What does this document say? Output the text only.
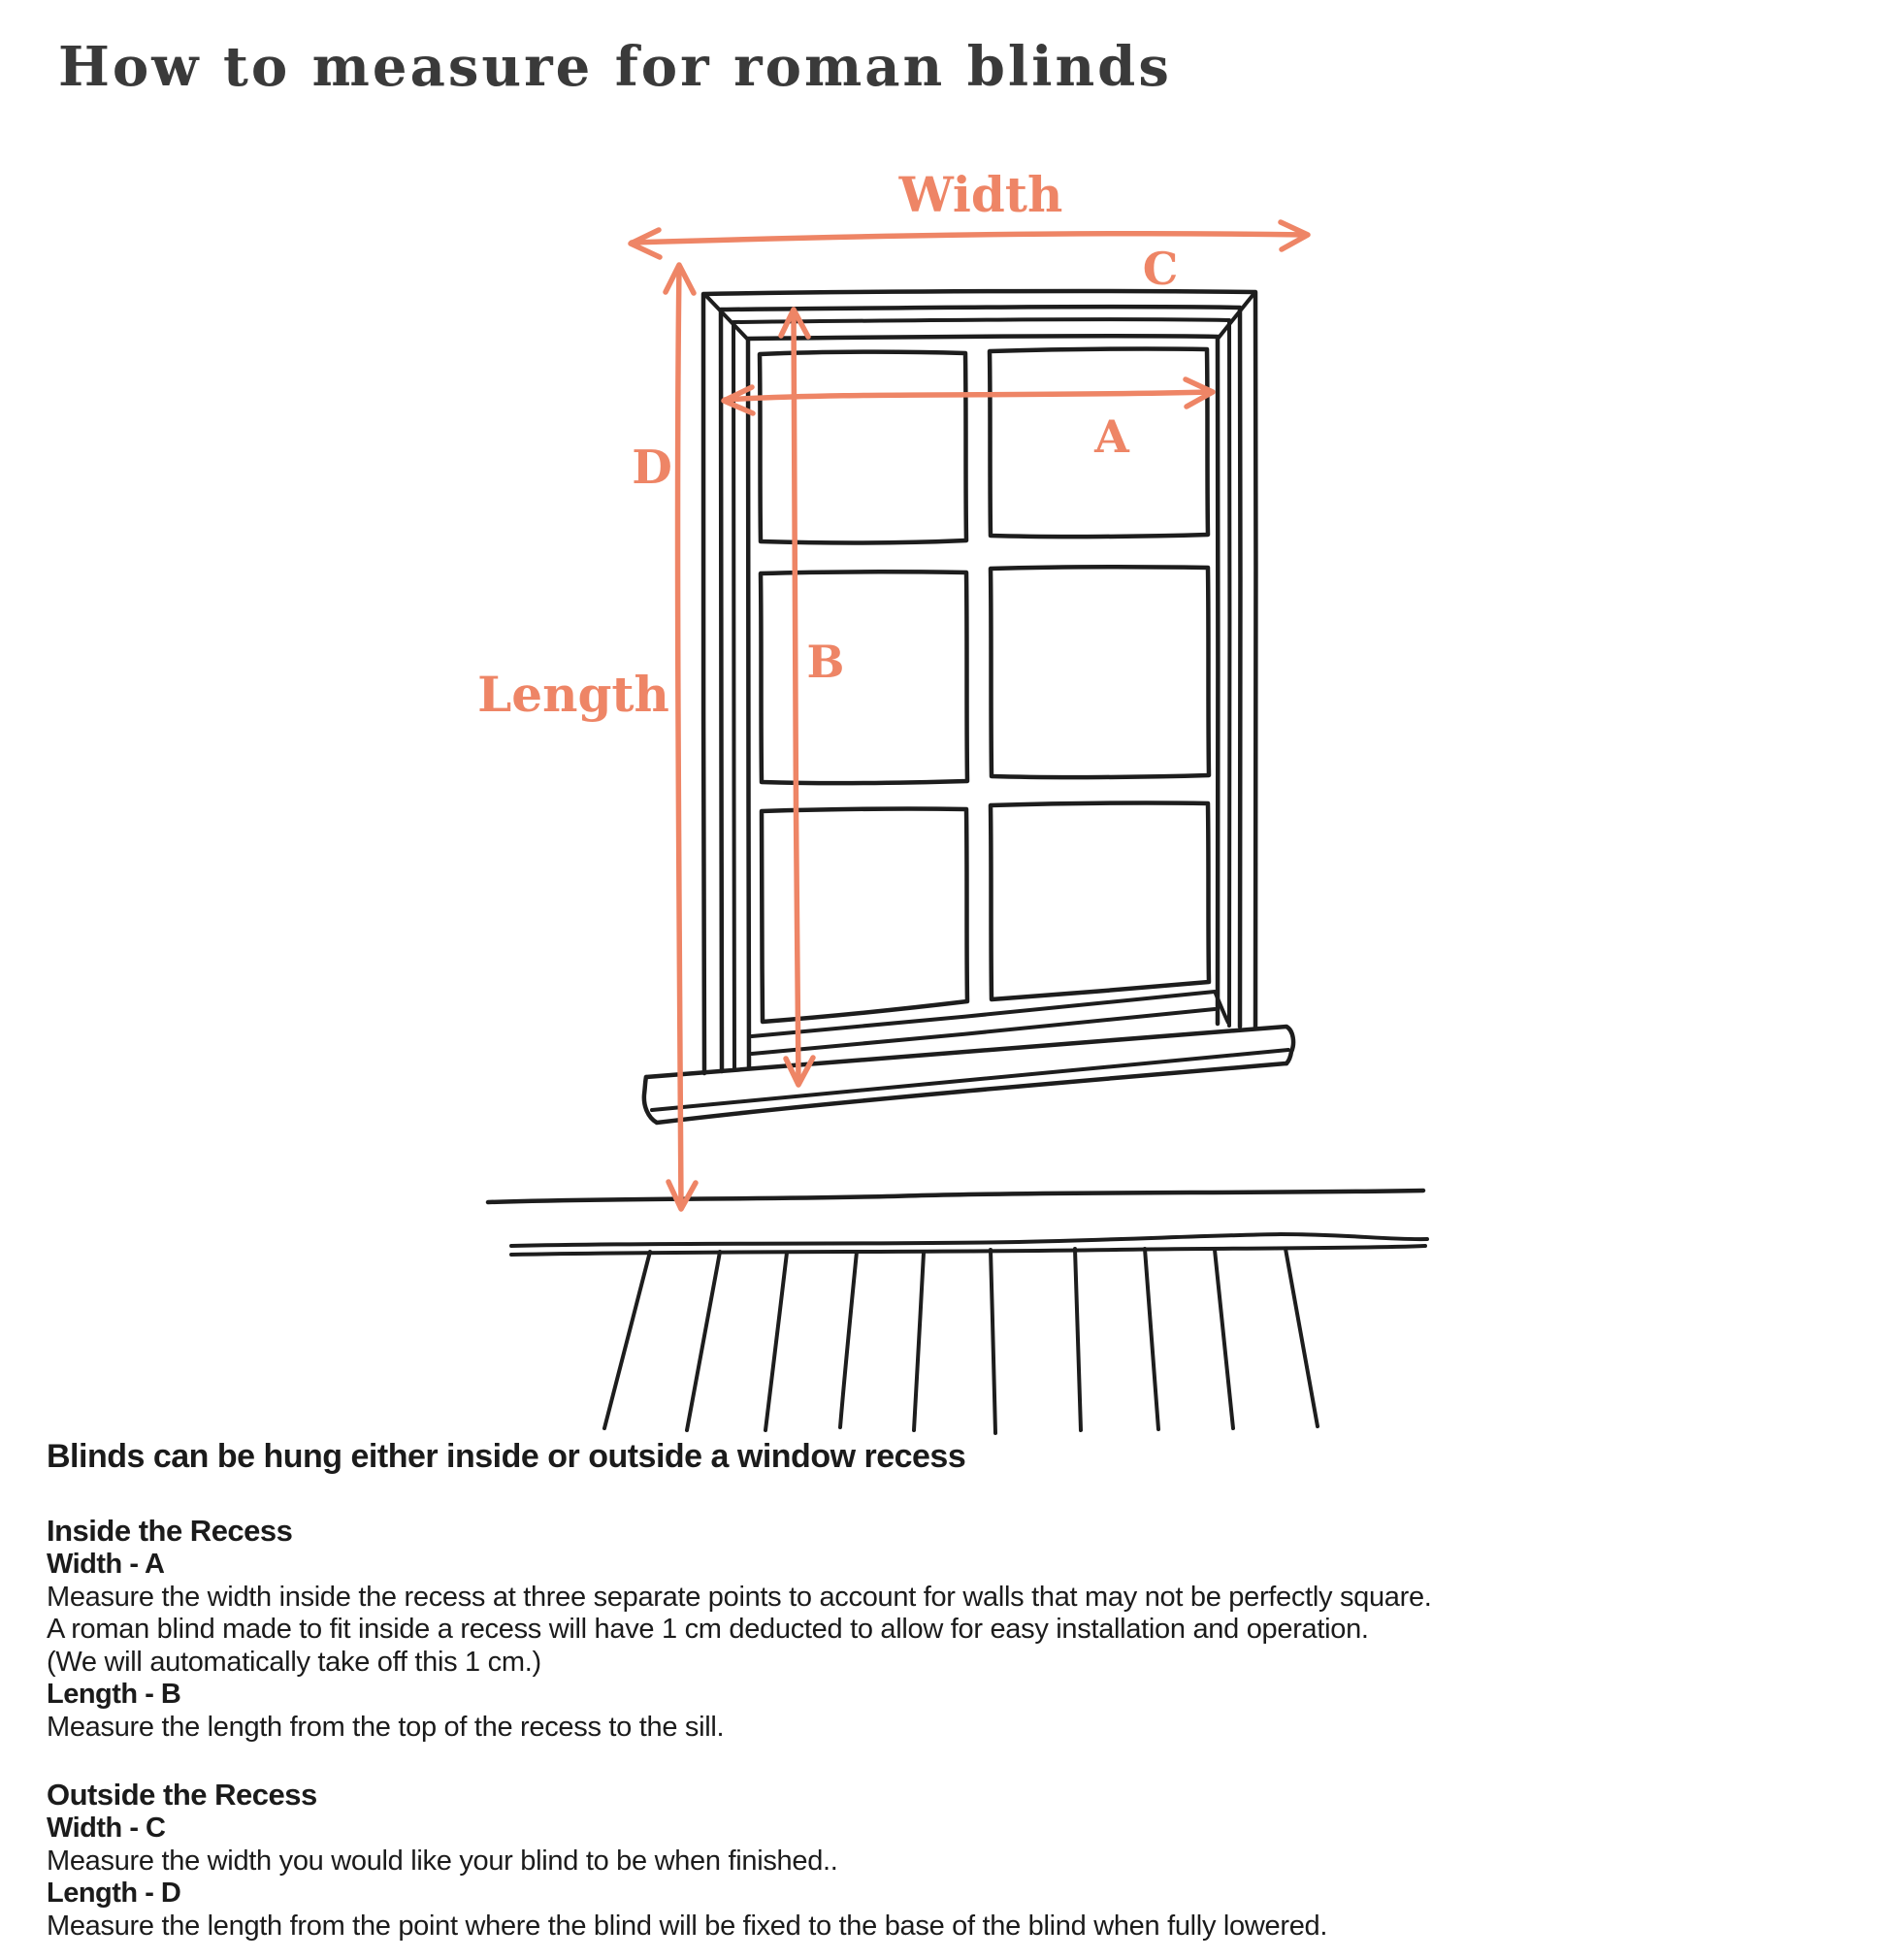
How to measure for roman blinds
Width
C
D
A
B
Length
Blinds can be hung either inside or outside a window recess
Inside the Recess

Width - A

Measure the width inside the recess at three separate points to account for walls that may not be perfectly square.

A roman blind made to fit inside a recess will have 1 cm deducted to allow for easy installation and operation.

(We will automatically take off this 1 cm.)

Length - B

Measure the length from the top of the recess to the sill.

Outside the Recess

Width - C

Measure the width you would like your blind to be when finished..

Length - D

Measure the length from the point where the blind will be fixed to the base of the blind when fully lowered.
